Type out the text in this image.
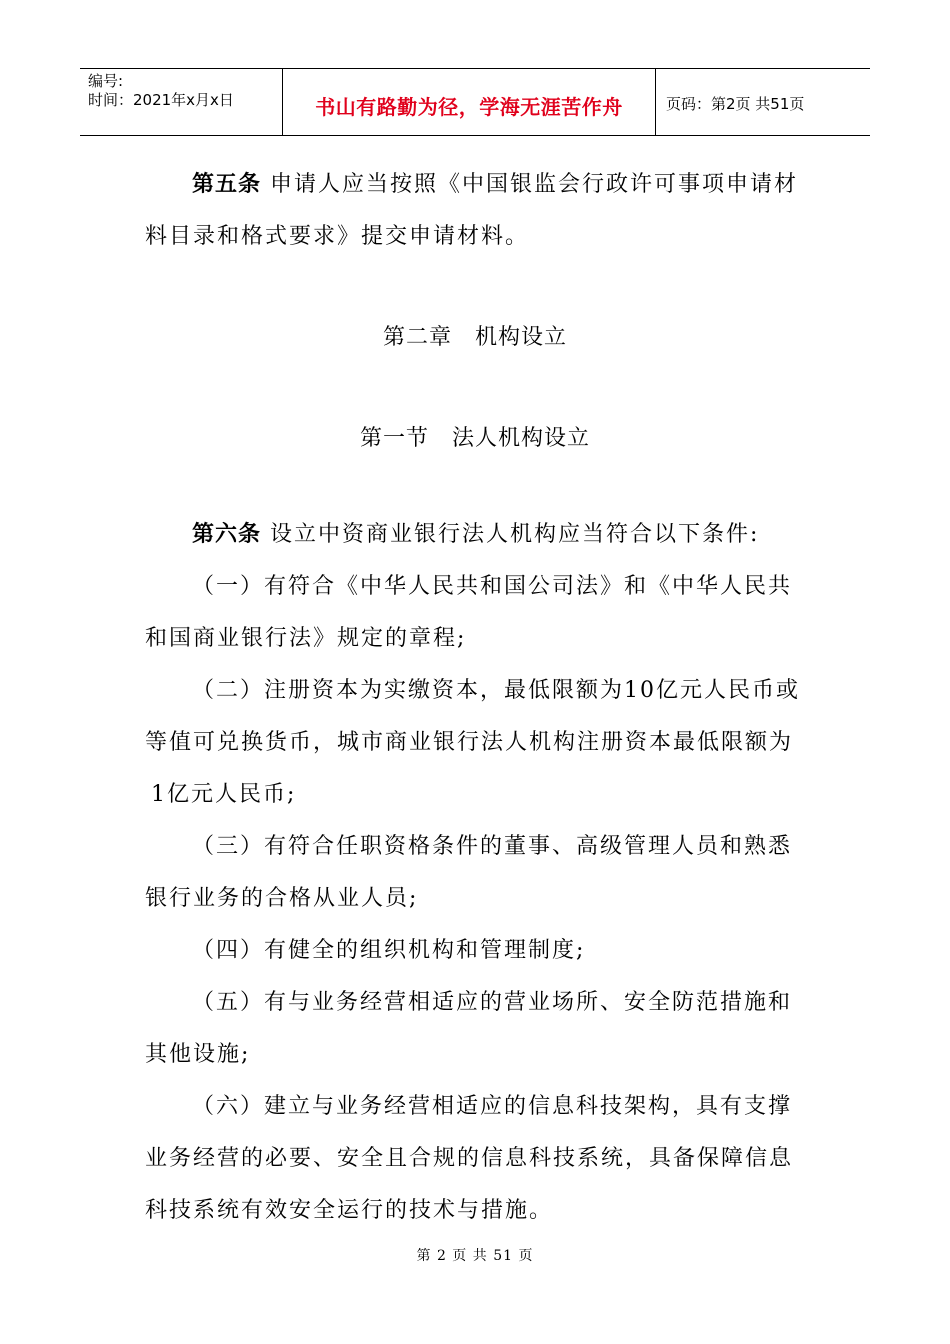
编号:
时间：2021年x月x日	书山有路勤为径，学海无涯苦作舟	页码：第2页 共51页
第五条 申请人应当按照《中国银监会行政许可事项申请材
料目录和格式要求》提交申请材料。
第二章　机构设立
第一节　法人机构设立
第六条 设立中资商业银行法人机构应当符合以下条件:
（一）有符合《中华人民共和国公司法》和《中华人民共
和国商业银行法》规定的章程;
（二）注册资本为实缴资本，最低限额为10亿元人民币或
等值可兑换货币，城市商业银行法人机构注册资本最低限额为
1亿元人民币;
（三）有符合任职资格条件的董事、高级管理人员和熟悉
银行业务的合格从业人员;
（四）有健全的组织机构和管理制度;
（五）有与业务经营相适应的营业场所、安全防范措施和
其他设施;
（六）建立与业务经营相适应的信息科技架构，具有支撑
业务经营的必要、安全且合规的信息科技系统，具备保障信息
科技系统有效安全运行的技术与措施。
第 2 页 共 51 页
